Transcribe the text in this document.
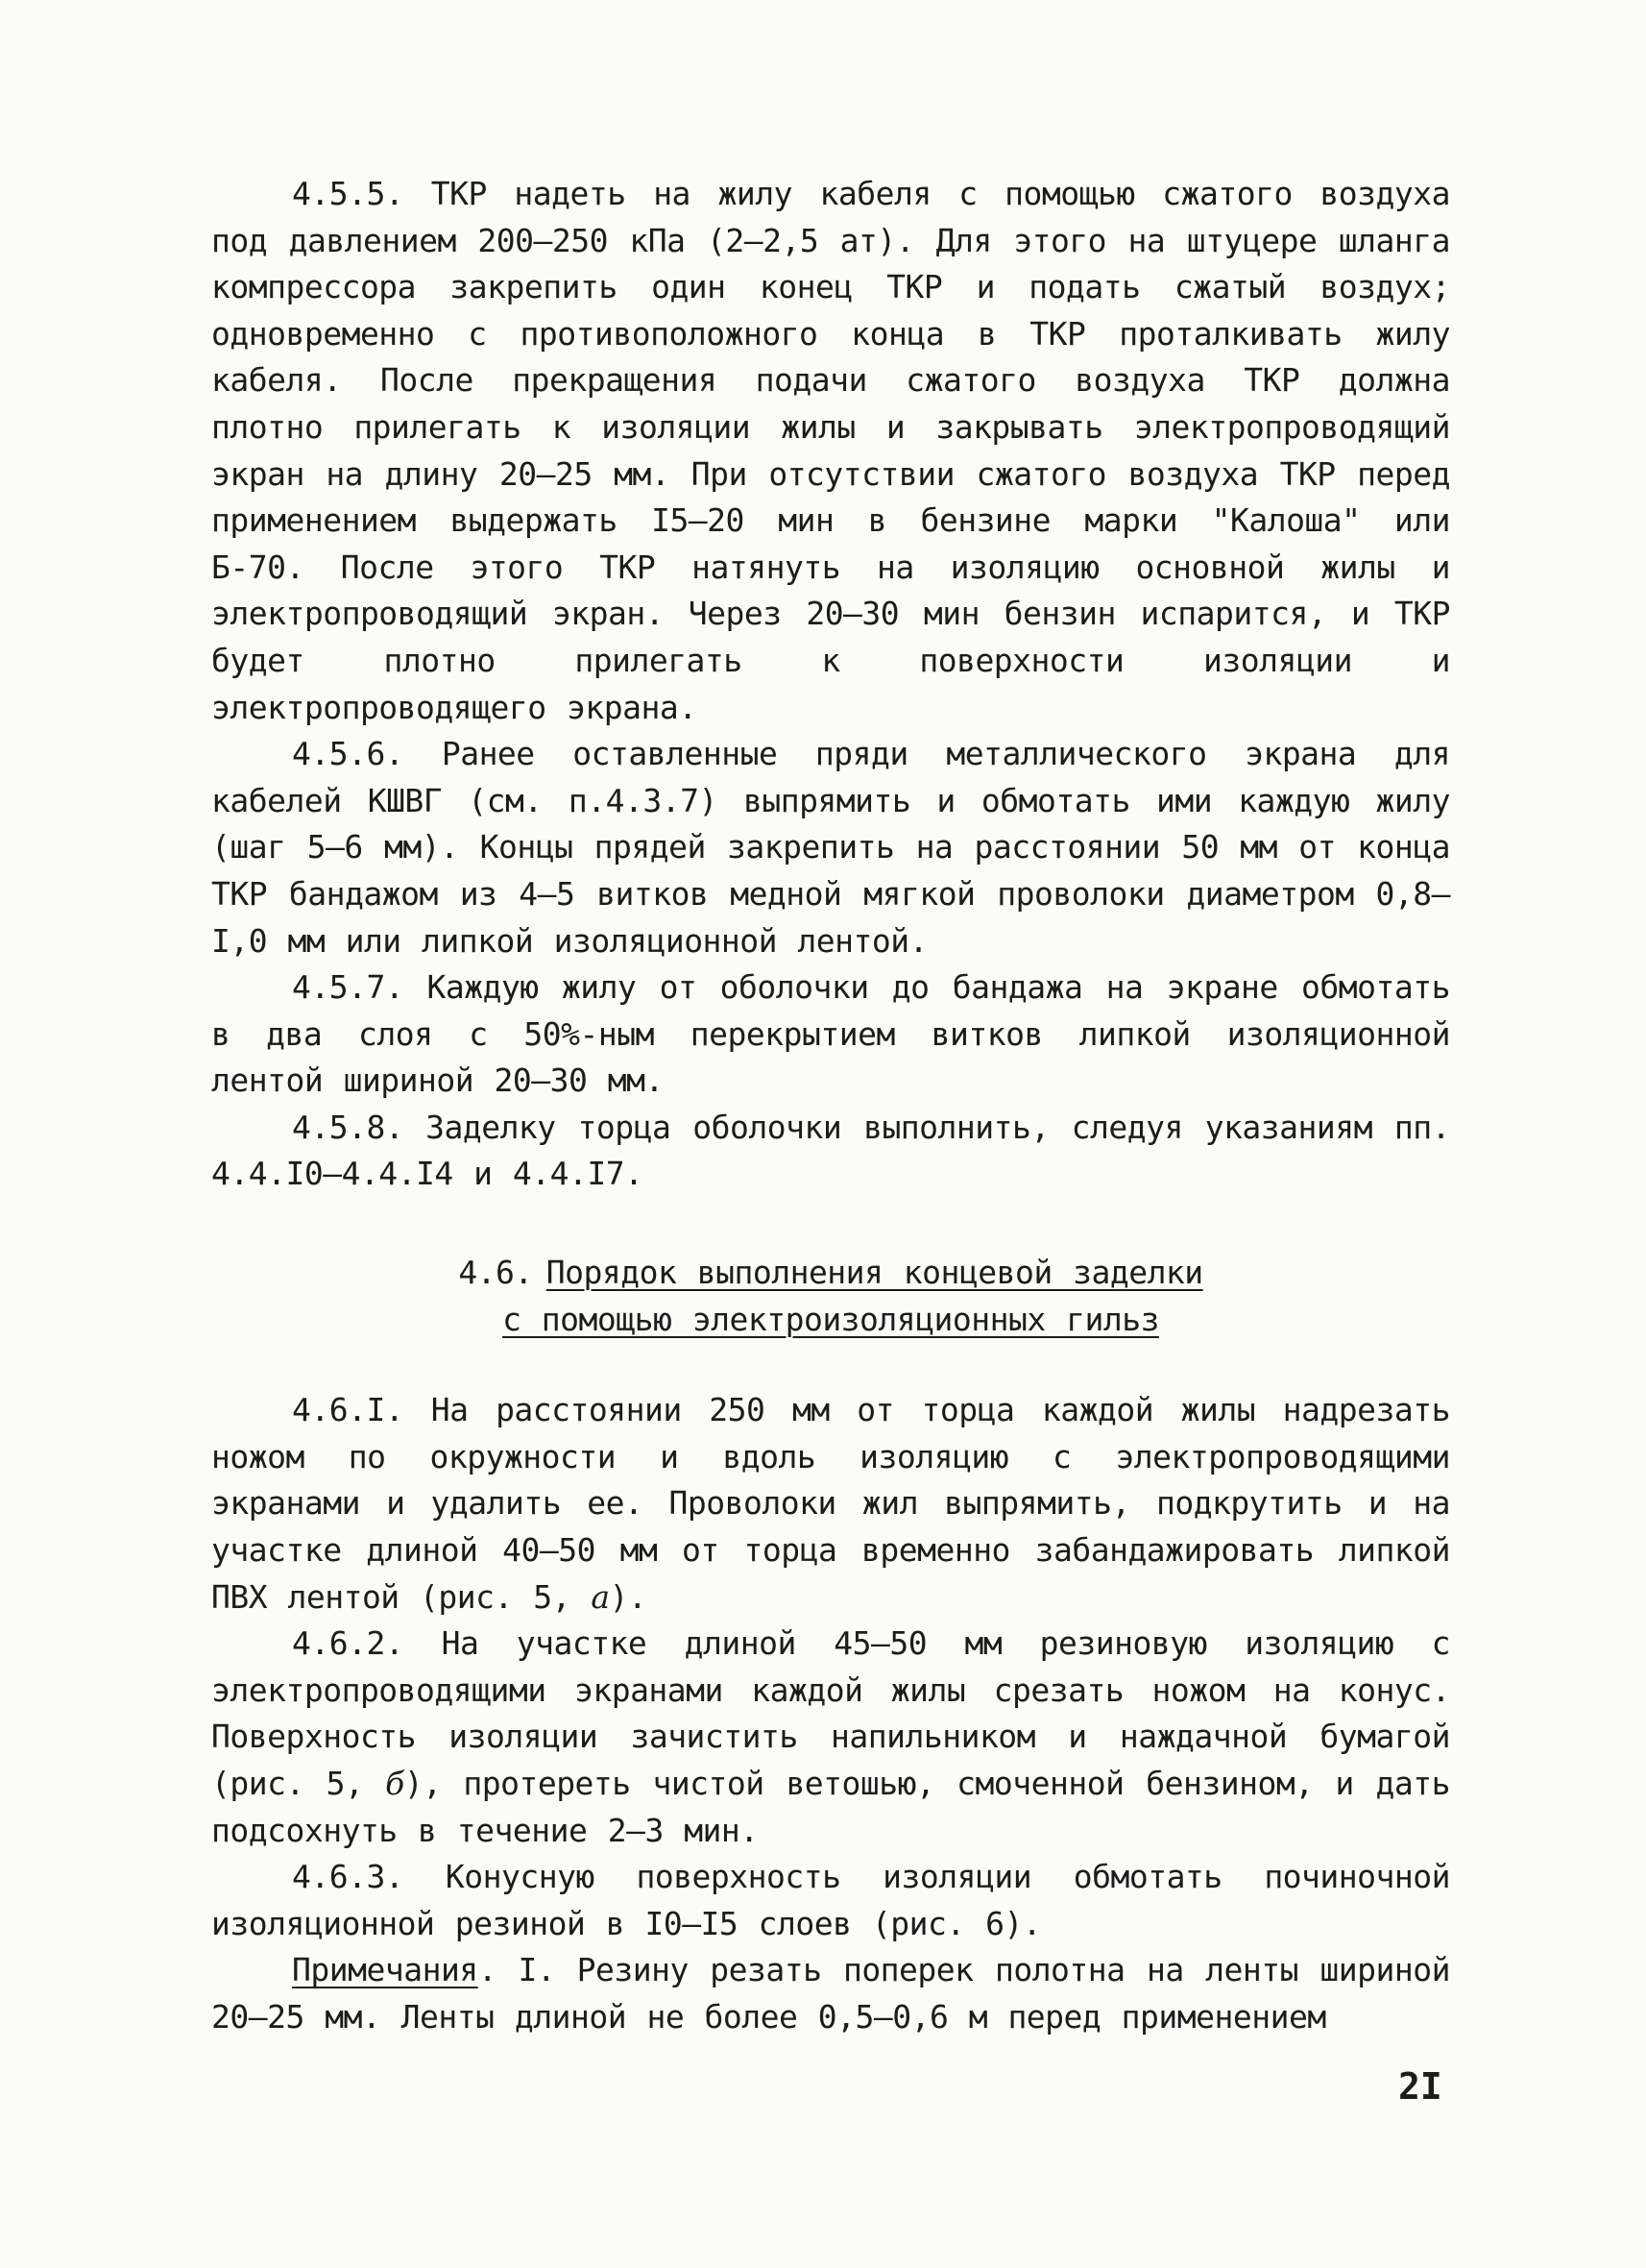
4.5.5. ТКР надеть на жилу кабеля с помощью сжатого воздуха под давлением 200–250 кПа (2–2,5 ат). Для этого на штуцере шланга компрессора закрепить один конец ТКР и подать сжатый воздух; одновременно с противоположного конца в ТКР проталкивать жилу кабеля. После прекращения подачи сжатого воздуха ТКР должна плотно прилегать к изоляции жилы и закрывать электропроводящий экран на длину 20–25 мм. При отсутствии сжатого воздуха ТКР перед применением выдержать I5–20 мин в бензине марки "Калоша" или Б-70. После этого ТКР натянуть на изоляцию основной жилы и электропроводящий экран. Через 20–30 мин бензин испарится, и ТКР будет плотно прилегать к поверхности изоляции и электропроводящего экрана.

4.5.6. Ранее оставленные пряди металлического экрана для кабелей КШВГ (см. п.4.3.7) выпрямить и обмотать ими каждую жилу (шаг 5–6 мм). Концы прядей закрепить на расстоянии 50 мм от конца ТКР бандажом из 4–5 витков медной мягкой проволоки диаметром 0,8–I,0 мм или липкой изоляционной лентой.

4.5.7. Каждую жилу от оболочки до бандажа на экране обмотать в два слоя с 50%-ным перекрытием витков липкой изоляционной лентой шириной 20–30 мм.

4.5.8. Заделку торца оболочки выполнить, следуя указаниям пп. 4.4.I0–4.4.I4 и 4.4.I7.

4.6. Порядок выполнения концевой заделки
с помощью электроизоляционных гильз

4.6.I. На расстоянии 250 мм от торца каждой жилы надрезать ножом по окружности и вдоль изоляцию с электропроводящими экранами и удалить ее. Проволоки жил выпрямить, подкрутить и на участке длиной 40–50 мм от торца временно забандажировать липкой ПВХ лентой (рис. 5, а).

4.6.2. На участке длиной 45–50 мм резиновую изоляцию с электропроводящими экранами каждой жилы срезать ножом на конус. Поверхность изоляции зачистить напильником и наждачной бумагой (рис. 5, б), протереть чистой ветошью, смоченной бензином, и дать подсохнуть в течение 2–3 мин.

4.6.3. Конусную поверхность изоляции обмотать починочной изоляционной резиной в I0–I5 слоев (рис. 6).

Примечания. I. Резину резать поперек полотна на ленты шириной 20–25 мм. Ленты длиной не более 0,5–0,6 м перед применением

2I
